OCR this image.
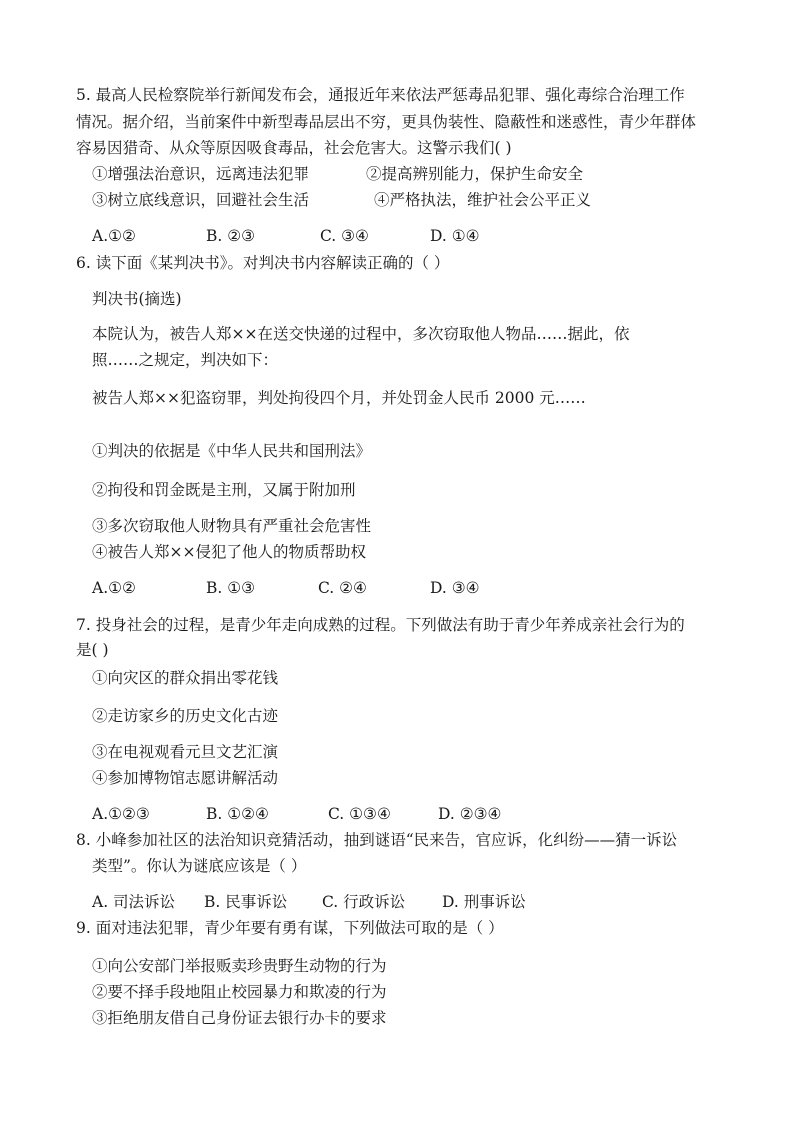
5. 最高人民检察院举行新闻发布会，通报近年来依法严惩毒品犯罪、强化毒综合治理工作
情况。据介绍，当前案件中新型毒品层出不穷，更具伪装性、隐蔽性和迷惑性，青少年群体
容易因猎奇、从众等原因吸食毒品，社会危害大。这警示我们( )
①增强法治意识，远离违法犯罪	②提高辨别能力，保护生命安全
③树立底线意识，回避社会生活	④严格执法，维护社会公平正义
A.①②	B. ②③	C. ③④	D. ①④
6. 读下面《某判决书》。对判决书内容解读正确的（ ）
判决书(摘选)
本院认为，被告人郑××在送交快递的过程中，多次窃取他人物品……据此，依
照……之规定，判决如下：
被告人郑××犯盗窃罪，判处拘役四个月，并处罚金人民币 2000 元……
①判决的依据是《中华人民共和国刑法》
②拘役和罚金既是主刑，又属于附加刑
③多次窃取他人财物具有严重社会危害性
④被告人郑××侵犯了他人的物质帮助权
A.①②	B. ①③	C. ②④	D. ③④
7. 投身社会的过程，是青少年走向成熟的过程。下列做法有助于青少年养成亲社会行为的
是( )
①向灾区的群众捐出零花钱
②走访家乡的历史文化古迹
③在电视观看元旦文艺汇演
④参加博物馆志愿讲解活动
A.①②③	B. ①②④	C. ①③④	D. ②③④
8. 小峰参加社区的法治知识竞猜活动，抽到谜语“民来告，官应诉，化纠纷——猜一诉讼
类型”。你认为谜底应该是（ ）
A. 司法诉讼 B. 民事诉讼 C. 行政诉讼 D. 刑事诉讼
9. 面对违法犯罪，青少年要有勇有谋，下列做法可取的是（ ）
①向公安部门举报贩卖珍贵野生动物的行为
②要不择手段地阻止校园暴力和欺凌的行为
③拒绝朋友借自己身份证去银行办卡的要求
